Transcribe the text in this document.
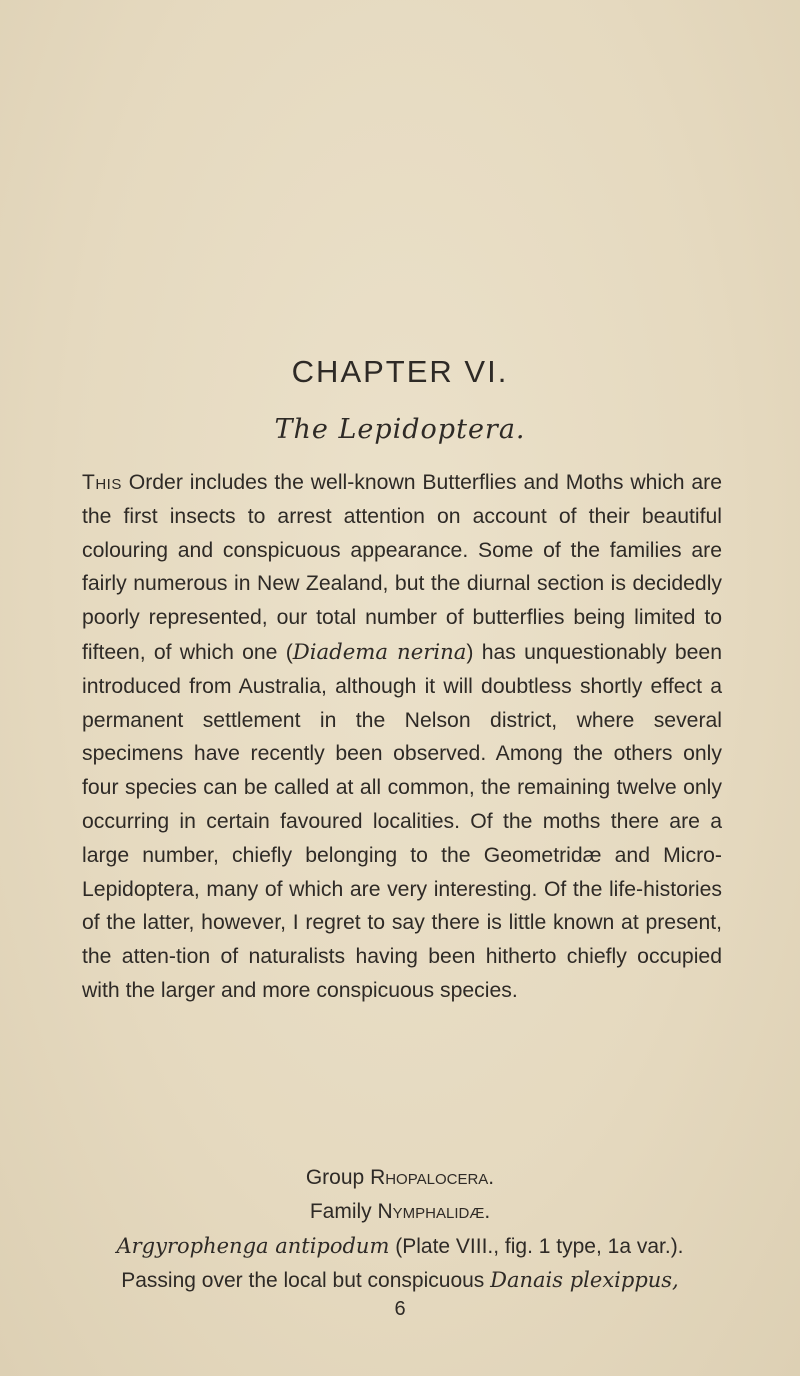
CHAPTER VI.
The Lepidoptera.

This Order includes the well-known Butterflies and Moths which are the first insects to arrest attention on account of their beautiful colouring and conspicuous appearance. Some of the families are fairly numerous in New Zealand, but the diurnal section is decidedly poorly represented, our total number of butterflies being limited to fifteen, of which one (Diadema nerina) has unquestionably been introduced from Australia, although it will doubtless shortly effect a permanent settlement in the Nelson district, where several specimens have recently been observed. Among the others only four species can be called at all common, the remaining twelve only occurring in certain favoured localities. Of the moths there are a large number, chiefly belonging to the Geometridæ and Micro-Lepidoptera, many of which are very interesting. Of the life-histories of the latter, however, I regret to say there is little known at present, the atten-tion of naturalists having been hitherto chiefly occupied with the larger and more conspicuous species.

Group Rhopalocera.
Family Nymphalidæ.
Argyrophenga antipodum (Plate VIII., fig. 1 type, 1a var.).
Passing over the local but conspicuous Danais plexippus,
6
